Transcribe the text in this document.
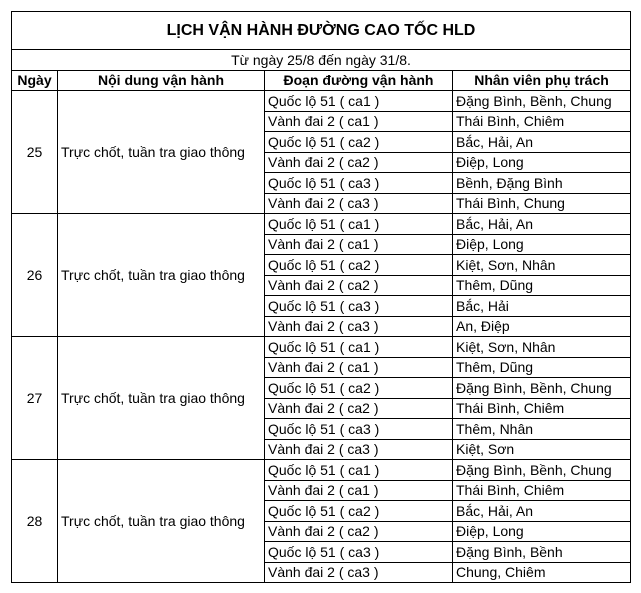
LỊCH VẬN HÀNH ĐƯỜNG CAO TỐC HLD			
Từ ngày 25/8 đến ngày 31/8.			
Ngày	Nội dung vận hành	Đoạn đường vận hành	Nhân viên phụ trách
25	Trực chốt, tuần tra giao thông	Quốc lộ 51 ( ca1 )	Đặng Bình, Bềnh, Chung
		Vành đai 2 ( ca1 )	Thái Bình, Chiêm
		Quốc lộ 51 ( ca2 )	Bắc, Hải, An
		Vành đai 2 ( ca2 )	Điệp, Long
		Quốc lộ 51 ( ca3 )	Bềnh, Đặng Bình
		Vành đai 2 ( ca3 )	Thái Bình, Chung
26	Trực chốt, tuần tra giao thông	Quốc lộ 51 ( ca1 )	Bắc, Hải, An
		Vành đai 2 ( ca1 )	Điệp, Long
		Quốc lộ 51 ( ca2 )	Kiệt, Sơn, Nhân
		Vành đai 2 ( ca2 )	Thêm, Dũng
		Quốc lộ 51 ( ca3 )	Bắc, Hải
		Vành đai 2 ( ca3 )	An, Điệp
27	Trực chốt, tuần tra giao thông	Quốc lộ 51 ( ca1 )	Kiệt, Sơn, Nhân
		Vành đai 2 ( ca1 )	Thêm, Dũng
		Quốc lộ 51 ( ca2 )	Đặng Bình, Bềnh, Chung
		Vành đai 2 ( ca2 )	Thái Bình, Chiêm
		Quốc lộ 51 ( ca3 )	Thêm, Nhân
		Vành đai 2 ( ca3 )	Kiệt, Sơn
28	Trực chốt, tuần tra giao thông	Quốc lộ 51 ( ca1 )	Đặng Bình, Bềnh, Chung
		Vành đai 2 ( ca1 )	Thái Bình, Chiêm
		Quốc lộ 51 ( ca2 )	Bắc, Hải, An
		Vành đai 2 ( ca2 )	Điệp, Long
		Quốc lộ 51 ( ca3 )	Đặng Bình, Bềnh
		Vành đai 2 ( ca3 )	Chung, Chiêm
